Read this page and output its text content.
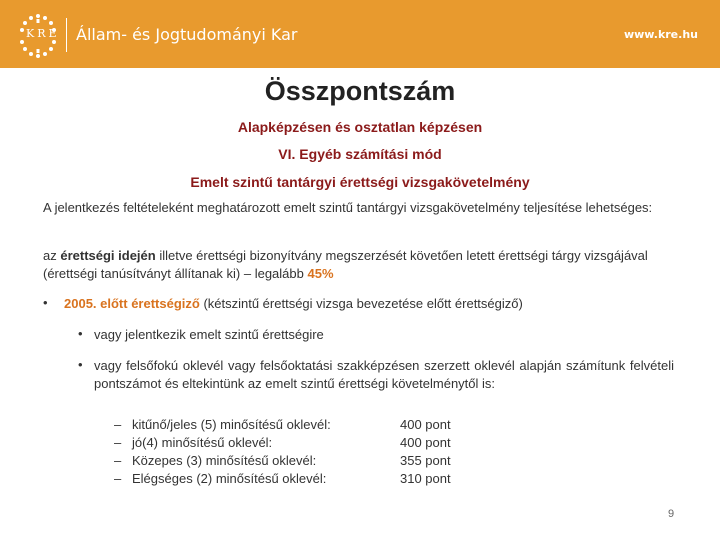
KRE Állam- és Jogtudományi Kar	www.kre.hu
Összpontszám
Alapképzésen és osztatlan képzésen
VI. Egyéb számítási mód
Emelt szintű tantárgyi érettségi vizsgakövetelmény
A jelentkezés feltételeként meghatározott emelt szintű tantárgyi vizsgakövetelmény teljesítése lehetséges:
az érettségi idején illetve érettségi bizonyítvány megszerzését követően letett érettségi tárgy vizsgájával (érettségi tanúsítványt állítanak ki) – legalább 45%
• 2005. előtt érettségiző (kétszintű érettségi vizsga bevezetése előtt érettségiző)
• vagy jelentkezik emelt szintű érettségire
• vagy felsőfokú oklevél vagy felsőoktatási szakképzésen szerzett oklevél alapján számítunk felvételi pontszámot és eltekintünk az emelt szintű érettségi követelménytől is:
– kitűnő/jeles (5) minősítésű oklevél:	400 pont
– jó(4) minősítésű oklevél:	400 pont
– Közepes (3) minősítésű oklevél:	355 pont
– Elégséges (2) minősítésű oklevél:	310 pont
9
